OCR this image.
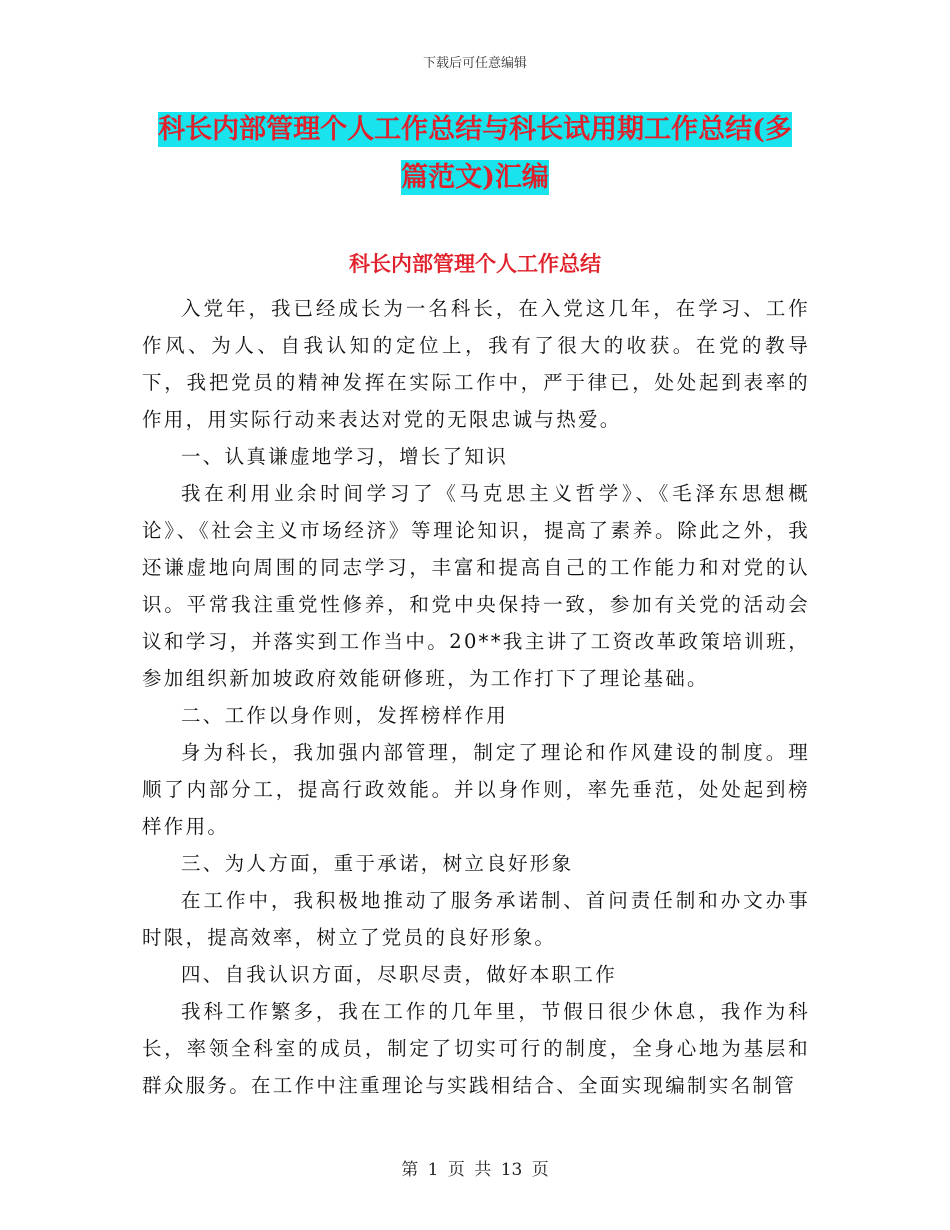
下载后可任意编辑
科长内部管理个人工作总结与科长试用期工作总结(多
篇范文)汇编
科长内部管理个人工作总结

入党年，我已经成长为一名科长，在入党这几年，在学习、工作作风、为人、自我认知的定位上，我有了很大的收获。在党的教导下，我把党员的精神发挥在实际工作中，严于律已，处处起到表率的作用，用实际行动来表达对党的无限忠诚与热爱。

一、认真谦虚地学习，增长了知识

我在利用业余时间学习了《马克思主义哲学》、《毛泽东思想概论》、《社会主义市场经济》等理论知识，提高了素养。除此之外，我还谦虚地向周围的同志学习，丰富和提高自己的工作能力和对党的认识。平常我注重党性修养，和党中央保持一致，参加有关党的活动会议和学习，并落实到工作当中。20**我主讲了工资改革政策培训班，参加组织新加坡政府效能研修班，为工作打下了理论基础。

二、工作以身作则，发挥榜样作用

身为科长，我加强内部管理，制定了理论和作风建设的制度。理顺了内部分工，提高行政效能。并以身作则，率先垂范，处处起到榜样作用。

三、为人方面，重于承诺，树立良好形象

在工作中，我积极地推动了服务承诺制、首问责任制和办文办事时限，提高效率，树立了党员的良好形象。

四、自我认识方面，尽职尽责，做好本职工作

我科工作繁多，我在工作的几年里，节假日很少休息，我作为科长，率领全科室的成员，制定了切实可行的制度，全身心地为基层和群众服务。在工作中注重理论与实践相结合、全面实现编制实名制管

第 1 页 共 13 页
